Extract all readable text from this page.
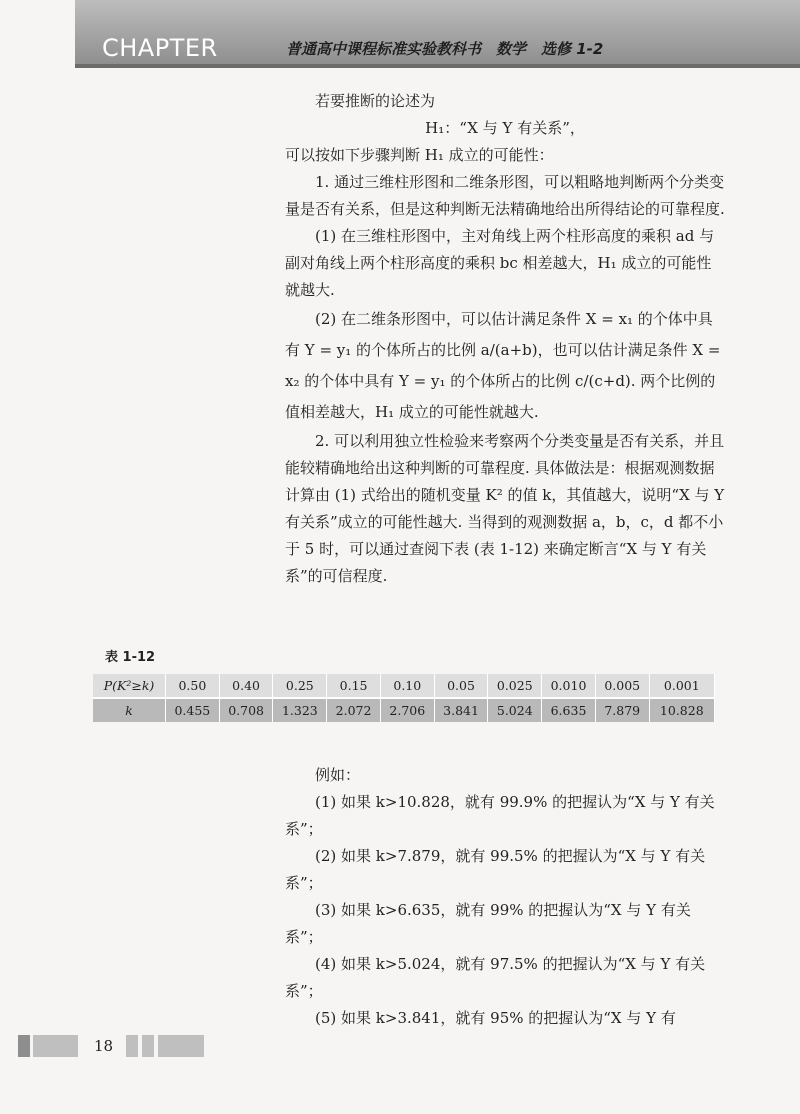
CHAPTER	普通高中课程标准实验教科书　数学　选修 1-2

若要推断的论述为

H₁：“X 与 Y 有关系”，

可以按如下步骤判断 H₁ 成立的可能性：

1. 通过三维柱形图和二维条形图，可以粗略地判断两个分类变量是否有关系，但是这种判断无法精确地给出所得结论的可靠程度.

(1) 在三维柱形图中，主对角线上两个柱形高度的乘积 ad 与副对角线上两个柱形高度的乘积 bc 相差越大，H₁ 成立的可能性就越大.

(2) 在二维条形图中，可以估计满足条件 X = x₁ 的个体中具有 Y = y₁ 的个体所占的比例 a/(a+b)，也可以估计满足条件 X = x₂ 的个体中具有 Y = y₁ 的个体所占的比例 c/(c+d). 两个比例的值相差越大，H₁ 成立的可能性就越大.

2. 可以利用独立性检验来考察两个分类变量是否有关系，并且能较精确地给出这种判断的可靠程度. 具体做法是：根据观测数据计算由 (1) 式给出的随机变量 K² 的值 k，其值越大，说明“X 与 Y 有关系”成立的可能性越大. 当得到的观测数据 a，b，c，d 都不小于 5 时，可以通过查阅下表 (表 1-12) 来确定断言“X 与 Y 有关系”的可信程度.

表 1-12
P(K²≥k)	0.50	0.40	0.25	0.15	0.10	0.05	0.025	0.010	0.005	0.001
k	0.455	0.708	1.323	2.072	2.706	3.841	5.024	6.635	7.879	10.828

例如：

(1) 如果 k>10.828，就有 99.9% 的把握认为“X 与 Y 有关系”；

(2) 如果 k>7.879，就有 99.5% 的把握认为“X 与 Y 有关系”；

(3) 如果 k>6.635，就有 99% 的把握认为“X 与 Y 有关系”；

(4) 如果 k>5.024，就有 97.5% 的把握认为“X 与 Y 有关系”；

(5) 如果 k>3.841，就有 95% 的把握认为“X 与 Y 有

18
